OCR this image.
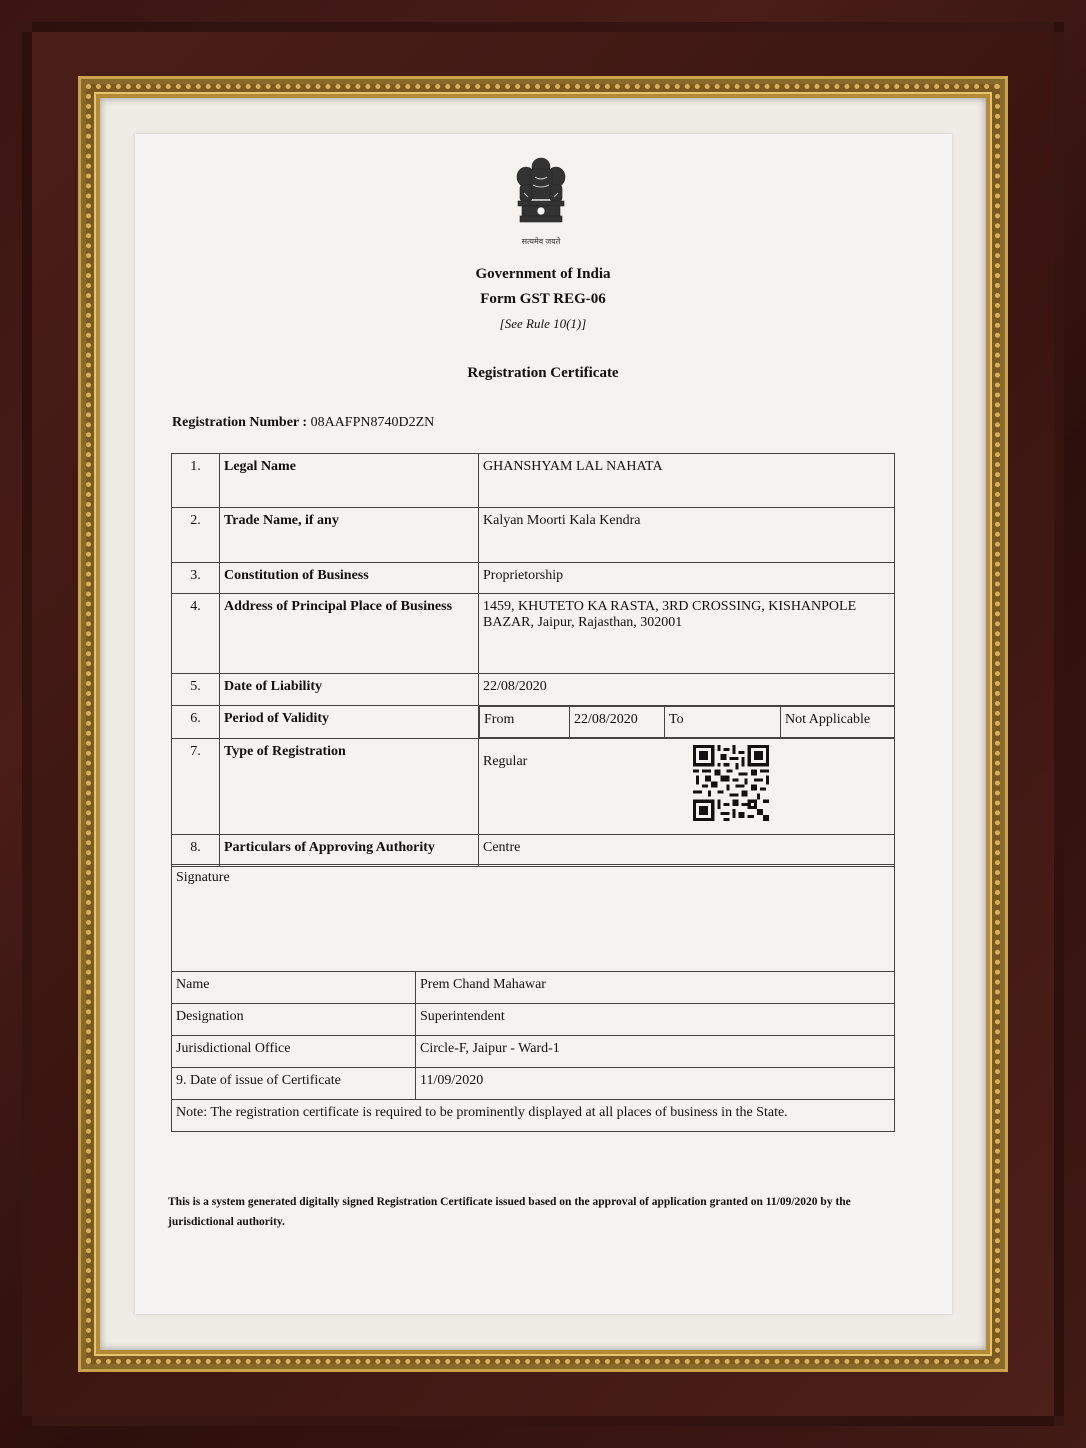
सत्यमेव जयते
Government of India
Form GST REG-06
[See Rule 10(1)]
Registration Certificate
Registration Number : 08AAFPN8740D2ZN
1.	Legal Name	GHANSHYAM LAL NAHATA
2.	Trade Name, if any	Kalyan Moorti Kala Kendra
3.	Constitution of Business	Proprietorship
4.	Address of Principal Place of Business	1459, KHUTETO KA RASTA, 3RD CROSSING, KISHANPOLE BAZAR, Jaipur, Rajasthan, 302001
5.	Date of Liability	22/08/2020
6.	Period of Validity		From	22/08/2020	To	Not Applicable

7.	Type of Registration	Regular
8.	Particulars of Approving Authority	Centre
Signature	
Name	Prem Chand Mahawar
Designation	Superintendent
Jurisdictional Office	Circle-F, Jaipur - Ward-1
9. Date of issue of Certificate	11/09/2020
Note: The registration certificate is required to be prominently displayed at all places of business in the State.	
This is a system generated digitally signed Registration Certificate issued based on the approval of application granted on 11/09/2020 by the jurisdictional authority.
